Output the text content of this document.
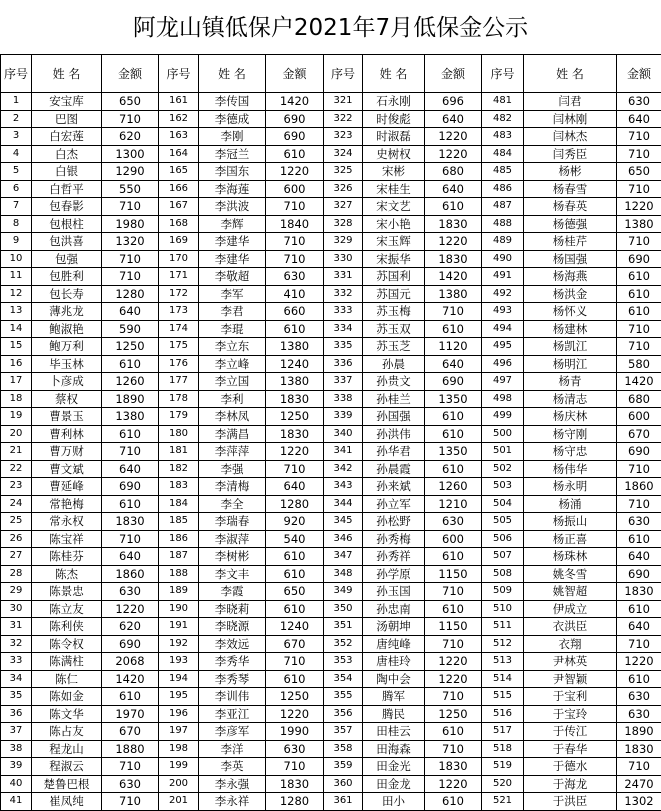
阿龙山镇低保户2021年7月低保金公示
序号	姓 名	金额	序号	姓 名	金额	序号	姓 名	金额	序号	姓 名	金额
1	安宝库	650	161	李传国	1420	321	石永刚	696	481	闫君	630
2	巴图	710	162	李德成	690	322	时俊彪	640	482	闫林刚	640
3	白宏莲	620	163	李刚	690	323	时淑磊	1220	483	闫林杰	710
4	白杰	1300	164	李冠兰	610	324	史树权	1220	484	闫秀臣	710
5	白银	1290	165	李国东	1220	325	宋彬	680	485	杨彬	650
6	白哲平	550	166	李海莲	600	326	宋桂生	640	486	杨春雪	710
7	包春影	710	167	李洪波	710	327	宋文艺	610	487	杨春英	1220
8	包根柱	1980	168	李辉	1840	328	宋小艳	1830	488	杨德强	1380
9	包洪喜	1320	169	李建华	710	329	宋玉辉	1220	489	杨桂芹	710
10	包强	710	170	李建华	710	330	宋振华	1830	490	杨国强	690
11	包胜利	710	171	李敬超	630	331	苏国利	1420	491	杨海燕	610
12	包长寿	1280	172	李军	410	332	苏国元	1380	492	杨洪金	610
13	薄兆龙	640	173	李君	660	333	苏玉梅	710	493	杨怀义	610
14	鲍淑艳	590	174	李琨	610	334	苏玉双	610	494	杨建林	710
15	鲍万利	1250	175	李立东	1380	335	苏玉芝	1120	495	杨凯江	710
16	毕玉林	610	176	李立峰	1240	336	孙晨	640	496	杨明江	580
17	卜彦成	1260	177	李立国	1380	337	孙贵文	690	497	杨青	1420
18	蔡权	1890	178	李利	1830	338	孙桂兰	1350	498	杨清志	680
19	曹景玉	1380	179	李林凤	1250	339	孙国强	610	499	杨庆林	600
20	曹利林	610	180	李满昌	1830	340	孙洪伟	610	500	杨守刚	670
21	曹万财	710	181	李萍萍	1220	341	孙华君	1350	501	杨守忠	690
22	曹文斌	640	182	李强	710	342	孙晨霞	610	502	杨伟华	710
23	曹延峰	690	183	李清梅	640	343	孙来斌	1260	503	杨永明	1860
24	常艳梅	610	184	李全	1280	344	孙立军	1210	504	杨涌	710
25	常永权	1830	185	李瑞春	920	345	孙松野	630	505	杨振山	630
26	陈宝祥	710	186	李淑萍	540	346	孙秀梅	600	506	杨正喜	610
27	陈桂芬	640	187	李树彬	610	347	孙秀祥	610	507	杨珠林	640
28	陈杰	1860	188	李文丰	610	348	孙学原	1150	508	姚冬雪	690
29	陈景忠	630	189	李霞	650	349	孙玉国	710	509	姚智超	1830
30	陈立友	1220	190	李晓莉	610	350	孙忠南	610	510	伊成立	610
31	陈利侠	620	191	李晓源	1240	351	汤朝坤	1150	511	衣洪臣	640
32	陈令权	690	192	李效远	670	352	唐纯峰	710	512	衣翔	710
33	陈满柱	2068	193	李秀华	710	353	唐桂玲	1220	513	尹林英	1220
34	陈仁	1420	194	李秀琴	610	354	陶中会	1220	514	尹智颖	610
35	陈如金	610	195	李训伟	1250	355	腾军	710	515	于宝利	630
36	陈文华	1970	196	李亚江	1220	356	腾民	1250	516	于宝玲	630
37	陈占友	670	197	李彦军	1990	357	田桂云	610	517	于传江	1890
38	程龙山	1880	198	李洋	630	358	田海森	710	518	于春华	1830
39	程淑云	710	199	李英	710	359	田金光	1830	519	于德水	710
40	楚鲁巴根	630	200	李永强	1830	360	田金龙	1220	520	于海龙	2470
41	崔凤纯	710	201	李永祥	1280	361	田小	610	521	于洪臣	1302
